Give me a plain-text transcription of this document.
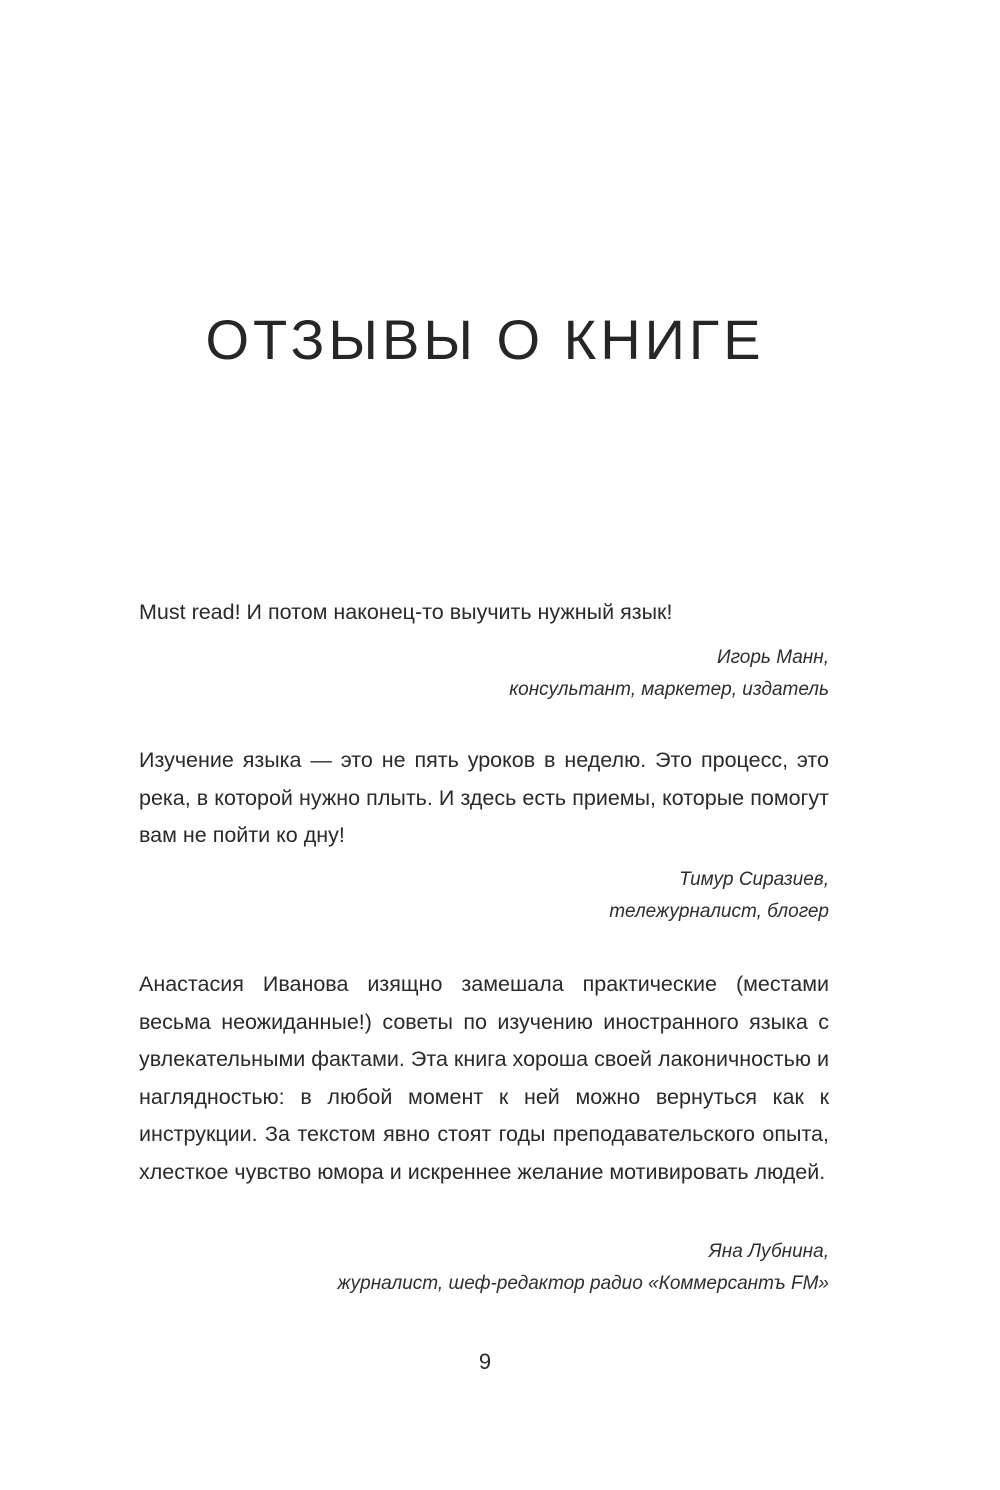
ОТЗЫВЫ О КНИГЕ

Must read! И потом наконец-то выучить нужный язык!

Игорь Манн,
консультант, маркетер, издатель

Изучение языка — это не пять уроков в неделю. Это процесс, это река, в которой нужно плыть. И здесь есть приемы, которые помогут вам не пойти ко дну!

Тимур Сиразиев,
тележурналист, блогер

Анастасия Иванова изящно замешала практические (местами весьма неожиданные!) советы по изучению иностранного языка с увлекательными фактами. Эта книга хороша своей лаконичностью и наглядностью: в любой момент к ней можно вернуться как к инструкции. За текстом явно стоят годы преподавательского опыта, хлесткое чувство юмора и искреннее желание мотивировать людей.

Яна Лубнина,
журналист, шеф-редактор радио «Коммерсантъ FM»
9
